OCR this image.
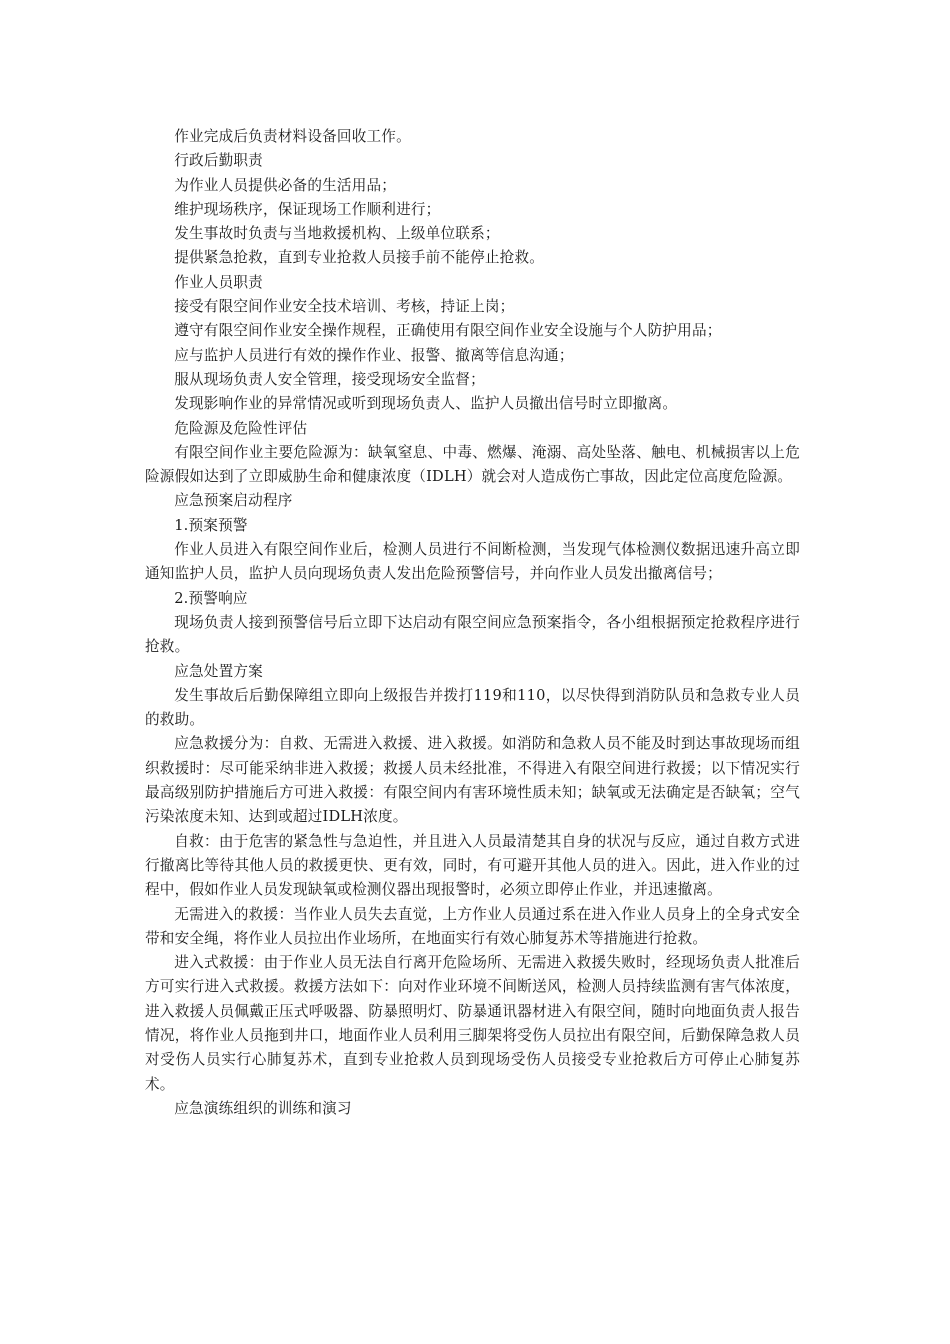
作业完成后负责材料设备回收工作。

行政后勤职责

为作业人员提供必备的生活用品；

维护现场秩序，保证现场工作顺利进行；

发生事故时负责与当地救援机构、上级单位联系；

提供紧急抢救，直到专业抢救人员接手前不能停止抢救。

作业人员职责

接受有限空间作业安全技术培训、考核，持证上岗；

遵守有限空间作业安全操作规程，正确使用有限空间作业安全设施与个人防护用品；

应与监护人员进行有效的操作作业、报警、撤离等信息沟通；

服从现场负责人安全管理，接受现场安全监督；

发现影响作业的异常情况或听到现场负责人、监护人员撤出信号时立即撤离。

危险源及危险性评估

有限空间作业主要危险源为：缺氧窒息、中毒、燃爆、淹溺、高处坠落、触电、机械损害以上危险源假如达到了立即威胁生命和健康浓度（IDLH）就会对人造成伤亡事故，因此定位高度危险源。

应急预案启动程序

1.预案预警

作业人员进入有限空间作业后，检测人员进行不间断检测，当发现气体检测仪数据迅速升高立即通知监护人员，监护人员向现场负责人发出危险预警信号，并向作业人员发出撤离信号；

2.预警响应

现场负责人接到预警信号后立即下达启动有限空间应急预案指令，各小组根据预定抢救程序进行抢救。

应急处置方案

发生事故后后勤保障组立即向上级报告并拨打119和110，以尽快得到消防队员和急救专业人员的救助。

应急救援分为：自救、无需进入救援、进入救援。如消防和急救人员不能及时到达事故现场而组织救援时：尽可能采纳非进入救援；救援人员未经批准，不得进入有限空间进行救援；以下情况实行最高级别防护措施后方可进入救援：有限空间内有害环境性质未知；缺氧或无法确定是否缺氧；空气污染浓度未知、达到或超过IDLH浓度。

自救：由于危害的紧急性与急迫性，并且进入人员最清楚其自身的状况与反应，通过自救方式进行撤离比等待其他人员的救援更快、更有效，同时，有可避开其他人员的进入。因此，进入作业的过程中，假如作业人员发现缺氧或检测仪器出现报警时，必须立即停止作业，并迅速撤离。

无需进入的救援：当作业人员失去直觉，上方作业人员通过系在进入作业人员身上的全身式安全带和安全绳，将作业人员拉出作业场所，在地面实行有效心肺复苏术等措施进行抢救。

进入式救援：由于作业人员无法自行离开危险场所、无需进入救援失败时，经现场负责人批准后方可实行进入式救援。救援方法如下：向对作业环境不间断送风，检测人员持续监测有害气体浓度，进入救援人员佩戴正压式呼吸器、防暴照明灯、防暴通讯器材进入有限空间，随时向地面负责人报告情况，将作业人员拖到井口，地面作业人员利用三脚架将受伤人员拉出有限空间，后勤保障急救人员对受伤人员实行心肺复苏术，直到专业抢救人员到现场受伤人员接受专业抢救后方可停止心肺复苏术。

应急演练组织的训练和演习
